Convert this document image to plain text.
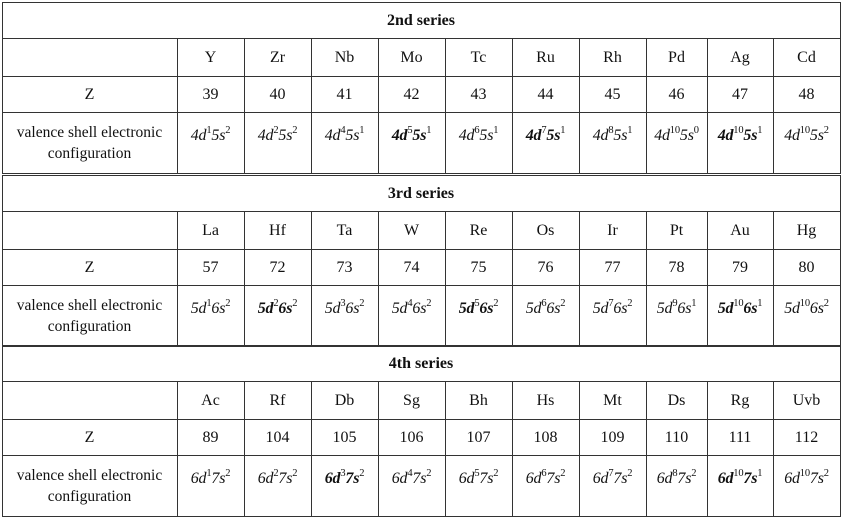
2nd series
Z
valence shell electronic
configuration
Y
39
$4d^15s^2$
Zr
40
$4d^25s^2$
Nb
41
$4d^45s^1$
Mo
42
$4d^55s^1$
Tc
43
$4d^65s^1$
Ru
44
$4d^75s^1$
Rh
45
$4d^85s^1$
Pd
46
$4d^{10}5s^0$
Ag
47
$4d^{10}5s^1$
Cd
48
$4d^{10}5s^2$
3rd series
Z
valence shell electronic
configuration
La
57
$5d^16s^2$
Hf
72
$5d^26s^2$
Ta
73
$5d^36s^2$
W
74
$5d^46s^2$
Re
75
$5d^56s^2$
Os
76
$5d^66s^2$
Ir
77
$5d^76s^2$
Pt
78
$5d^96s^1$
Au
79
$5d^{10}6s^1$
Hg
80
$5d^{10}6s^2$
4th series
Z
valence shell electronic
configuration
Ac
89
$6d^17s^2$
Rf
104
$6d^27s^2$
Db
105
$6d^37s^2$
Sg
106
$6d^47s^2$
Bh
107
$6d^57s^2$
Hs
108
$6d^67s^2$
Mt
109
$6d^77s^2$
Ds
110
$6d^87s^2$
Rg
111
$6d^{10}7s^1$
Uvb
112
$6d^{10}7s^2$
